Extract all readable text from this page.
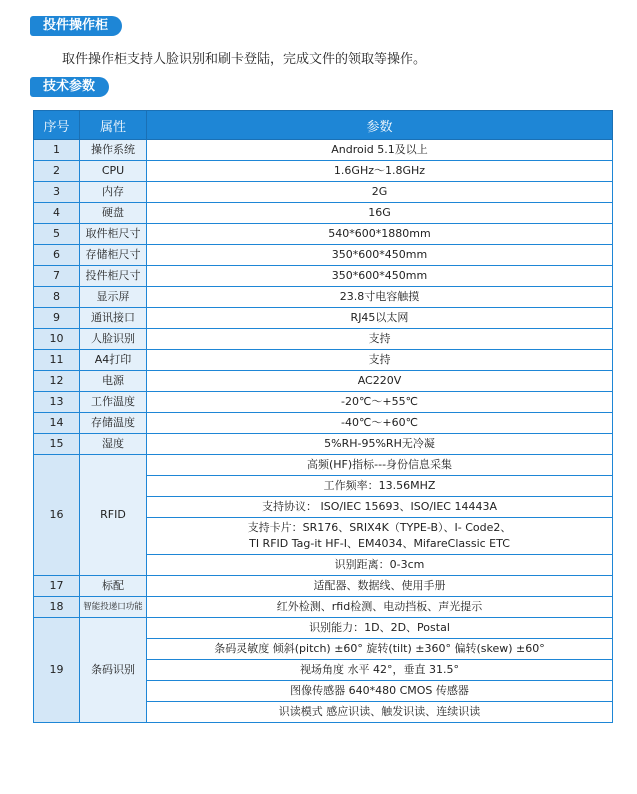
投件操作柜
取件操作柜支持人脸识别和刷卡登陆，完成文件的领取等操作。
技术参数
序号	属性	参数
1	操作系统	Android 5.1及以上
2	CPU	1.6GHz～1.8GHz
3	内存	2G
4	硬盘	16G
5	取件柜尺寸	540*600*1880mm
6	存储柜尺寸	350*600*450mm
7	投件柜尺寸	350*600*450mm
8	显示屏	23.8寸电容触摸
9	通讯接口	RJ45以太网
10	人脸识别	支持
11	A4打印	支持
12	电源	AC220V
13	工作温度	-20℃～+55℃
14	存储温度	-40℃～+60℃
15	湿度	5%RH-95%RH无冷凝
16	RFID	高频(HF)指标---身份信息采集
		工作频率：13.56MHZ
		支持协议： ISO/IEC 15693、ISO/IEC 14443A

		支持卡片：SR176、SRIX4K（TYPE-B）、I- Code2、
TI RFID Tag-it HF-I、EM4034、MifareClassic ETC

		识别距离：0-3cm
17	标配	适配器、数据线、使用手册
18	智能投递口功能	红外检测、rfid检测、电动挡板、声光提示
19	条码识别	识别能力：1D、2D、Postal
		条码灵敏度 倾斜(pitch) ±60° 旋转(tilt) ±360° 偏转(skew) ±60°
		视场角度 水平 42°，垂直 31.5°
		图像传感器 640*480 CMOS 传感器
		识读模式 感应识读、触发识读、连续识读
